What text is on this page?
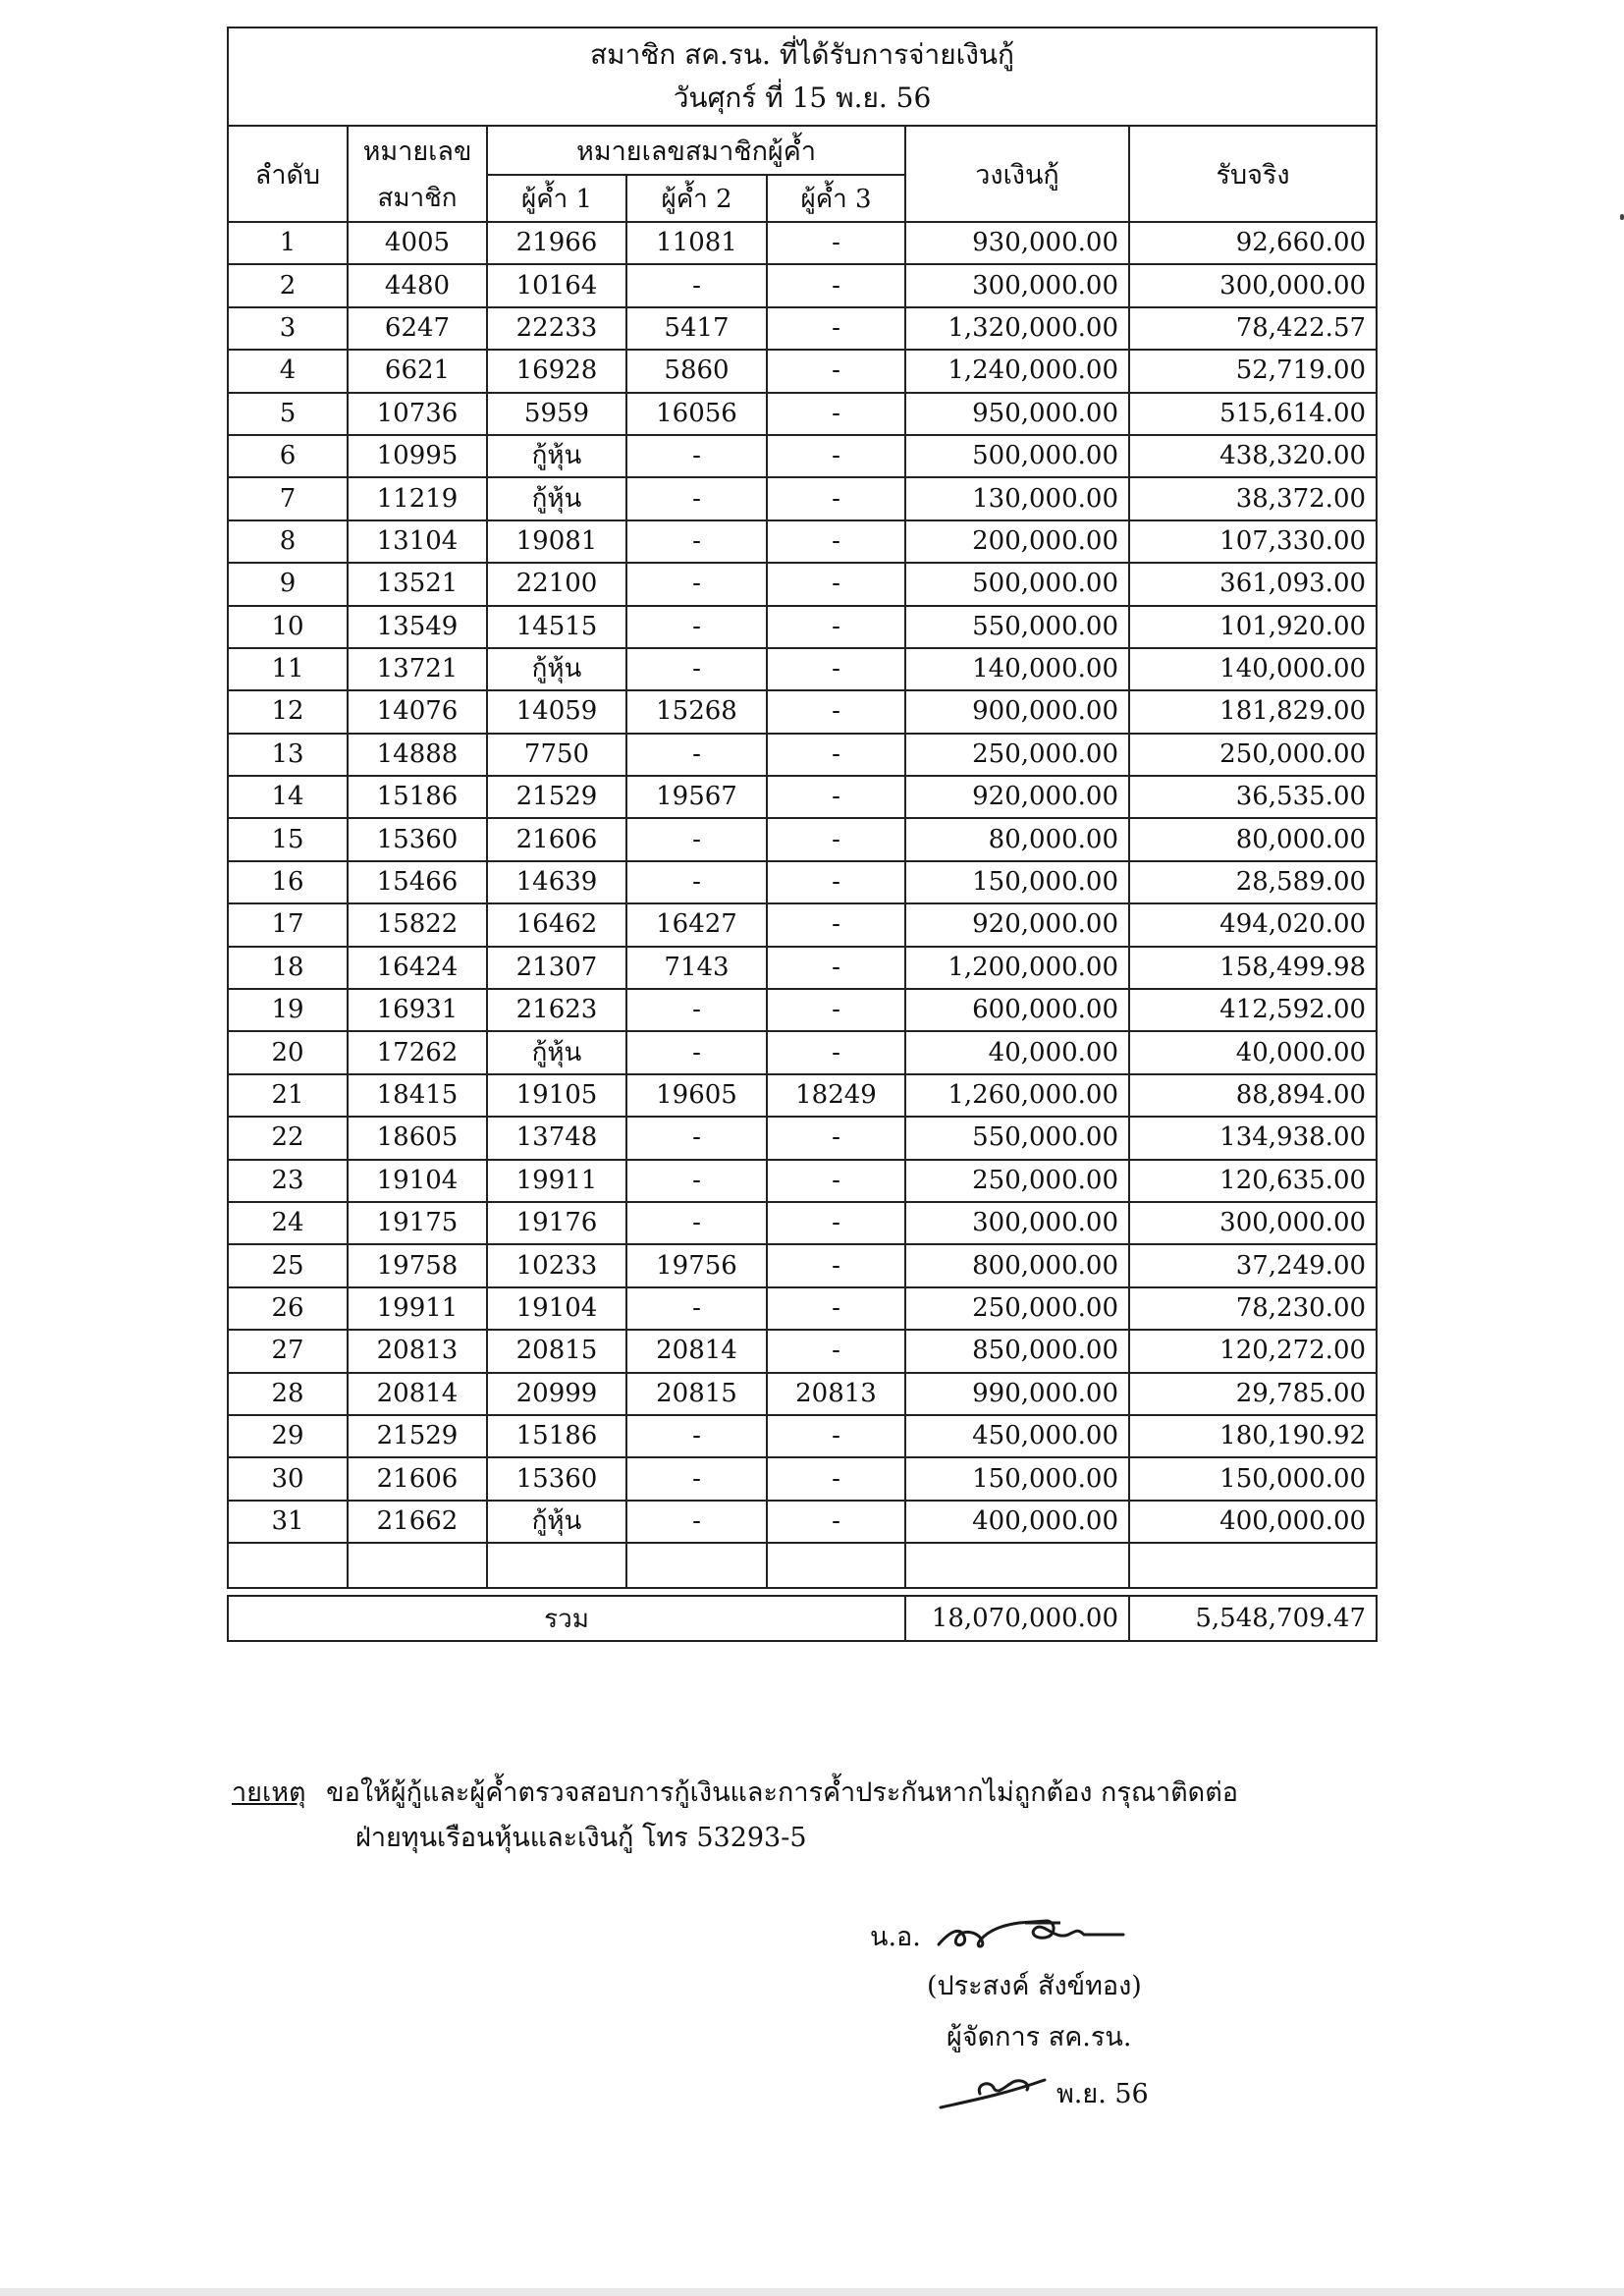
สมาชิก สค.รน. ที่ได้รับการจ่ายเงินกู้
วันศุกร์ ที่ 15 พ.ย. 56						

ลำดับ	หมายเลข	หมายเลขสมาชิกผู้ค้ำ			วงเงินกู้	รับจริง
	สมาชิก	ผู้ค้ำ 1	ผู้ค้ำ 2	ผู้ค้ำ 3		
1	4005	21966	11081	-	930,000.00	92,660.00
2	4480	10164	-	-	300,000.00	300,000.00
3	6247	22233	5417	-	1,320,000.00	78,422.57
4	6621	16928	5860	-	1,240,000.00	52,719.00
5	10736	5959	16056	-	950,000.00	515,614.00
6	10995	กู้หุ้น	-	-	500,000.00	438,320.00
7	11219	กู้หุ้น	-	-	130,000.00	38,372.00
8	13104	19081	-	-	200,000.00	107,330.00
9	13521	22100	-	-	500,000.00	361,093.00
10	13549	14515	-	-	550,000.00	101,920.00
11	13721	กู้หุ้น	-	-	140,000.00	140,000.00
12	14076	14059	15268	-	900,000.00	181,829.00
13	14888	7750	-	-	250,000.00	250,000.00
14	15186	21529	19567	-	920,000.00	36,535.00
15	15360	21606	-	-	80,000.00	80,000.00
16	15466	14639	-	-	150,000.00	28,589.00
17	15822	16462	16427	-	920,000.00	494,020.00
18	16424	21307	7143	-	1,200,000.00	158,499.98
19	16931	21623	-	-	600,000.00	412,592.00
20	17262	กู้หุ้น	-	-	40,000.00	40,000.00
21	18415	19105	19605	18249	1,260,000.00	88,894.00
22	18605	13748	-	-	550,000.00	134,938.00
23	19104	19911	-	-	250,000.00	120,635.00
24	19175	19176	-	-	300,000.00	300,000.00
25	19758	10233	19756	-	800,000.00	37,249.00
26	19911	19104	-	-	250,000.00	78,230.00
27	20813	20815	20814	-	850,000.00	120,272.00
28	20814	20999	20815	20813	990,000.00	29,785.00
29	21529	15186	-	-	450,000.00	180,190.92
30	21606	15360	-	-	150,000.00	150,000.00
31	21662	กู้หุ้น	-	-	400,000.00	400,000.00

รวม					18,070,000.00	5,548,709.47
ายเหตุ ขอให้ผู้กู้และผู้ค้ำตรวจสอบการกู้เงินและการค้ำประกันหากไม่ถูกต้อง กรุณาติดต่อ
ฝ่ายทุนเรือนหุ้นและเงินกู้ โทร 53293-5
น.อ.
(ประสงค์ สังข์ทอง)
ผู้จัดการ สค.รน.
พ.ย. 56
